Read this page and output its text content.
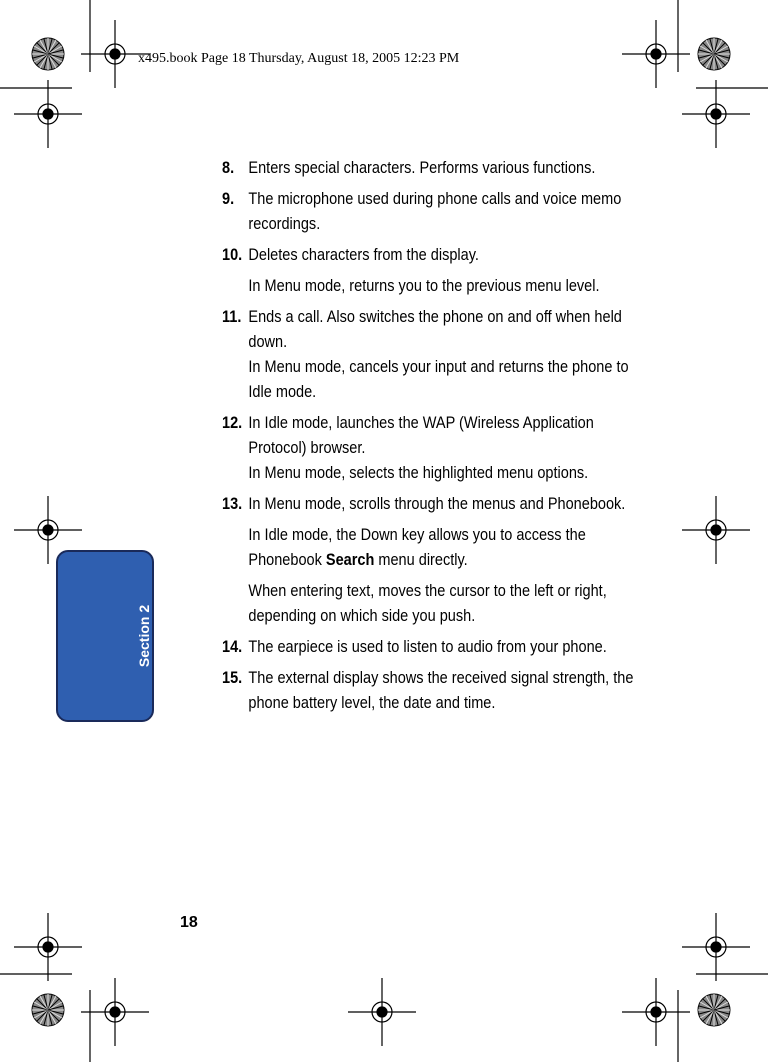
x495.book Page 18 Thursday, August 18, 2005 12:23 PM
Section 2
8. Enters special characters. Performs various functions.

9. The microphone used during phone calls and voice memo recordings.

10. Deletes characters from the display.

In Menu mode, returns you to the previous menu level.

11. Ends a call. Also switches the phone on and off when held down.
In Menu mode, cancels your input and returns the phone to Idle mode.

12. In Idle mode, launches the WAP (Wireless Application Protocol) browser.
In Menu mode, selects the highlighted menu options.

13. In Menu mode, scrolls through the menus and Phonebook.

In Idle mode, the Down key allows you to access the Phonebook Search menu directly.

When entering text, moves the cursor to the left or right, depending on which side you push.

14. The earpiece is used to listen to audio from your phone.

15. The external display shows the received signal strength, the phone battery level, the date and time.

18
